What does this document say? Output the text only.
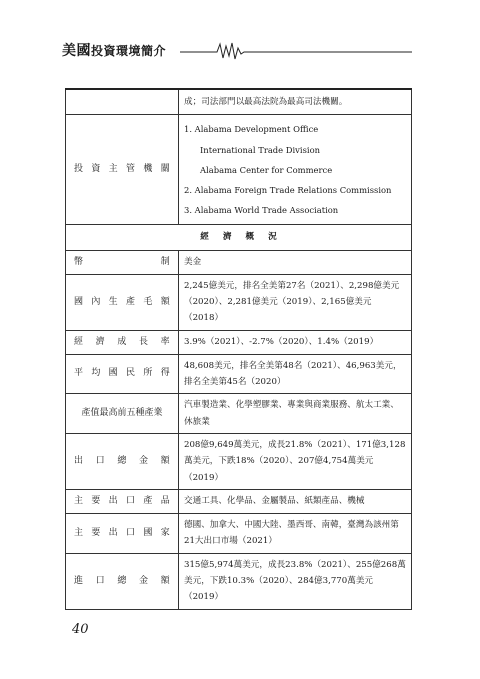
美國投資環境簡介
	成；司法部門以最高法院為最高司法機關。
投資主管機關	1. Alabama Development Office
International Trade Division
Alabama Center for Commerce
2. Alabama Foreign Trade Relations Commission
3. Alabama World Trade Association

經濟概況	
幣制	美金
國內生產毛額	2,245億美元，排名全美第27名（2021）、2,298億美元（2020）、2,281億美元（2019）、2,165億美元（2018）
經濟成長率	3.9%（2021）、-2.7%（2020）、1.4%（2019）
平均國民所得	48,608美元，排名全美第48名（2021）、46,963美元，排名全美第45名（2020）
產值最高前五種產業	汽車製造業、化學塑膠業、專業與商業服務、航太工業、休旅業
出口總金額	208億9,649萬美元，成長21.8%（2021）、171億3,128萬美元，下跌18%（2020）、207億4,754萬美元（2019）
主要出口產品	交通工具、化學品、金屬製品、紙類產品、機械
主要出口國家	德國、加拿大、中國大陸、墨西哥、南韓，臺灣為該州第21大出口市場（2021）
進口總金額	315億5,974萬美元，成長23.8%（2021）、255億268萬美元，下跌10.3%（2020）、284億3,770萬美元（2019）
40
